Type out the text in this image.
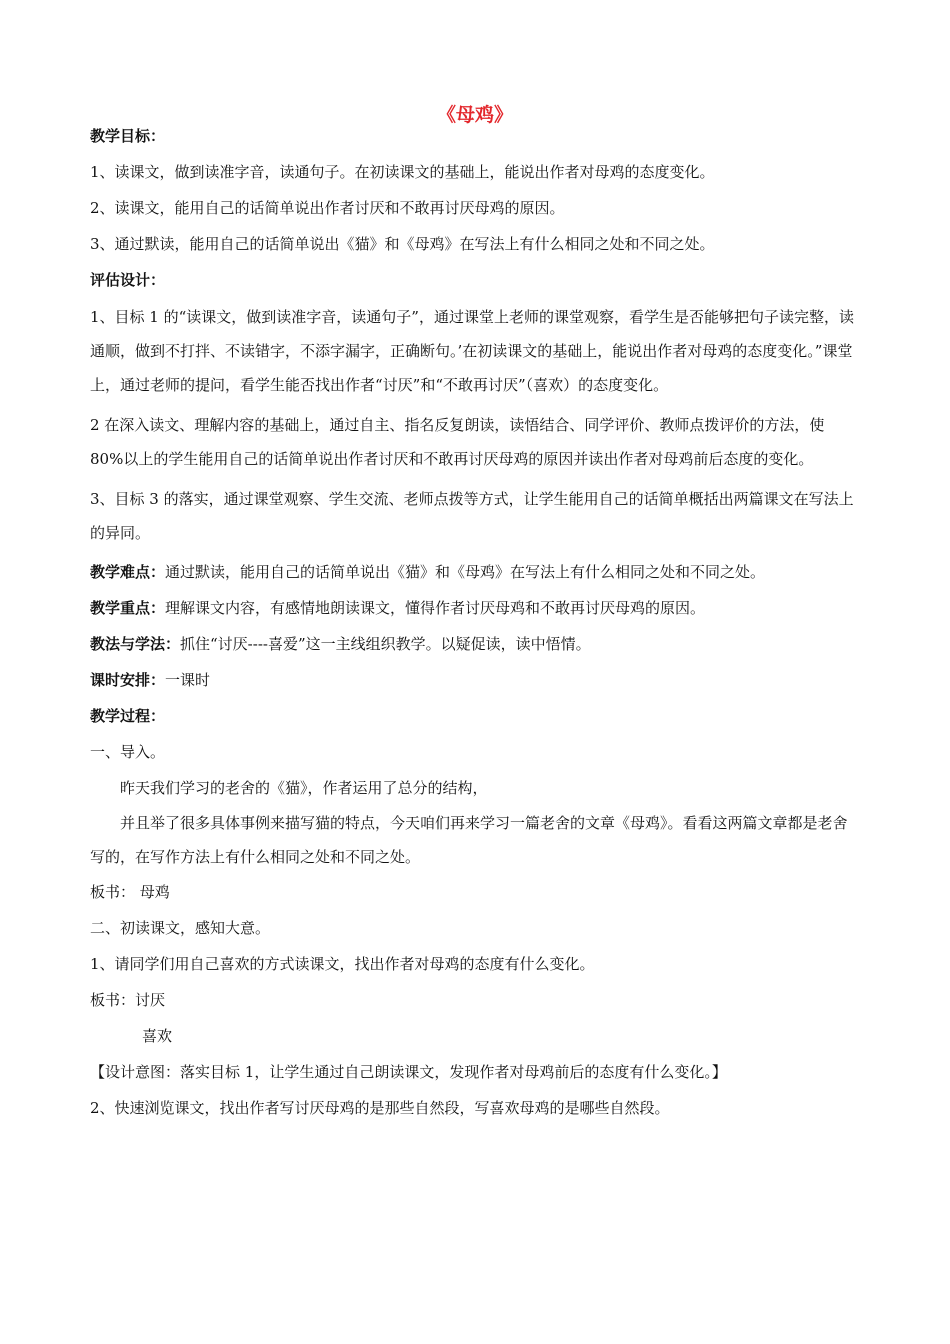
《母鸡》

教学目标：

1、读课文，做到读准字音，读通句子。在初读课文的基础上，能说出作者对母鸡的态度变化。

2、读课文，能用自己的话简单说出作者讨厌和不敢再讨厌母鸡的原因。

3、通过默读，能用自己的话简单说出《猫》和《母鸡》在写法上有什么相同之处和不同之处。

评估设计：

1、目标 1 的“读课文，做到读准字音，读通句子”，通过课堂上老师的课堂观察，看学生是否能够把句子读完整，读通顺，做到不打拌、不读错字，不添字漏字，正确断句。’在初读课文的基础上，能说出作者对母鸡的态度变化。”课堂上，通过老师的提问，看学生能否找出作者“讨厌”和“不敢再讨厌”（喜欢）的态度变化。

2 在深入读文、理解内容的基础上，通过自主、指名反复朗读，读悟结合、同学评价、教师点拨评价的方法，使 80%以上的学生能用自己的话简单说出作者讨厌和不敢再讨厌母鸡的原因并读出作者对母鸡前后态度的变化。

3、目标 3 的落实，通过课堂观察、学生交流、老师点拨等方式，让学生能用自己的话简单概括出两篇课文在写法上的异同。

教学难点：通过默读，能用自己的话简单说出《猫》和《母鸡》在写法上有什么相同之处和不同之处。

教学重点：理解课文内容，有感情地朗读课文，懂得作者讨厌母鸡和不敢再讨厌母鸡的原因。

教法与学法：抓住“讨厌----喜爱”这一主线组织教学。以疑促读，读中悟情。

课时安排：一课时

教学过程：

一、导入。

昨天我们学习的老舍的《猫》，作者运用了总分的结构，

并且举了很多具体事例来描写猫的特点，今天咱们再来学习一篇老舍的文章《母鸡》。看看这两篇文章都是老舍写的，在写作方法上有什么相同之处和不同之处。

板书： 母鸡

二、初读课文，感知大意。

1、请同学们用自己喜欢的方式读课文，找出作者对母鸡的态度有什么变化。

板书：讨厌

喜欢

【设计意图：落实目标 1，让学生通过自己朗读课文，发现作者对母鸡前后的态度有什么变化。】

2、快速浏览课文，找出作者写讨厌母鸡的是那些自然段，写喜欢母鸡的是哪些自然段。
